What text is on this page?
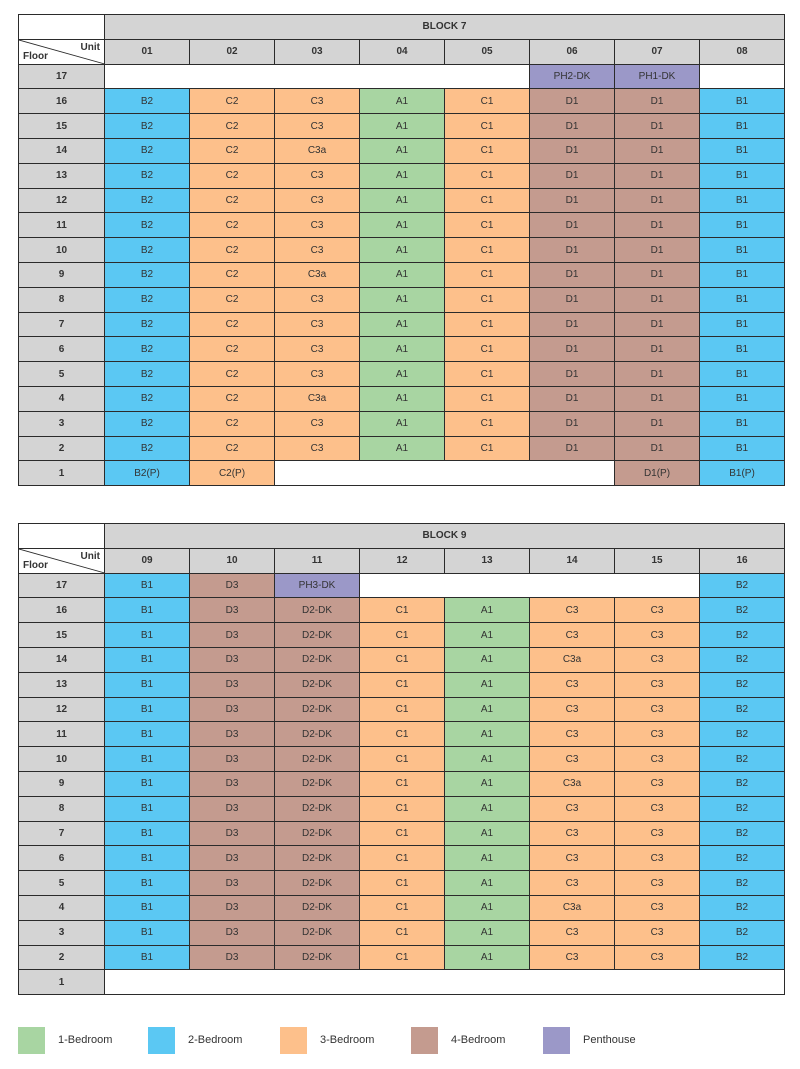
	BLOCK 7							

Unit
Floor	01	02	03	04	05	06	07	08
17						PH2-DK	PH1-DK	
16	B2	C2	C3	A1	C1	D1	D1	B1
15	B2	C2	C3	A1	C1	D1	D1	B1
14	B2	C2	C3a	A1	C1	D1	D1	B1
13	B2	C2	C3	A1	C1	D1	D1	B1
12	B2	C2	C3	A1	C1	D1	D1	B1
11	B2	C2	C3	A1	C1	D1	D1	B1
10	B2	C2	C3	A1	C1	D1	D1	B1
9	B2	C2	C3a	A1	C1	D1	D1	B1
8	B2	C2	C3	A1	C1	D1	D1	B1
7	B2	C2	C3	A1	C1	D1	D1	B1
6	B2	C2	C3	A1	C1	D1	D1	B1
5	B2	C2	C3	A1	C1	D1	D1	B1
4	B2	C2	C3a	A1	C1	D1	D1	B1
3	B2	C2	C3	A1	C1	D1	D1	B1
2	B2	C2	C3	A1	C1	D1	D1	B1
1	B2(P)	C2(P)					D1(P)	B1(P)
	BLOCK 9							

Unit
Floor	09	10	11	12	13	14	15	16
17	B1	D3	PH3-DK					B2
16	B1	D3	D2-DK	C1	A1	C3	C3	B2
15	B1	D3	D2-DK	C1	A1	C3	C3	B2
14	B1	D3	D2-DK	C1	A1	C3a	C3	B2
13	B1	D3	D2-DK	C1	A1	C3	C3	B2
12	B1	D3	D2-DK	C1	A1	C3	C3	B2
11	B1	D3	D2-DK	C1	A1	C3	C3	B2
10	B1	D3	D2-DK	C1	A1	C3	C3	B2
9	B1	D3	D2-DK	C1	A1	C3a	C3	B2
8	B1	D3	D2-DK	C1	A1	C3	C3	B2
7	B1	D3	D2-DK	C1	A1	C3	C3	B2
6	B1	D3	D2-DK	C1	A1	C3	C3	B2
5	B1	D3	D2-DK	C1	A1	C3	C3	B2
4	B1	D3	D2-DK	C1	A1	C3a	C3	B2
3	B1	D3	D2-DK	C1	A1	C3	C3	B2
2	B1	D3	D2-DK	C1	A1	C3	C3	B2
1								
1-Bedroom	2-Bedroom	3-Bedroom	4-Bedroom	Penthouse
